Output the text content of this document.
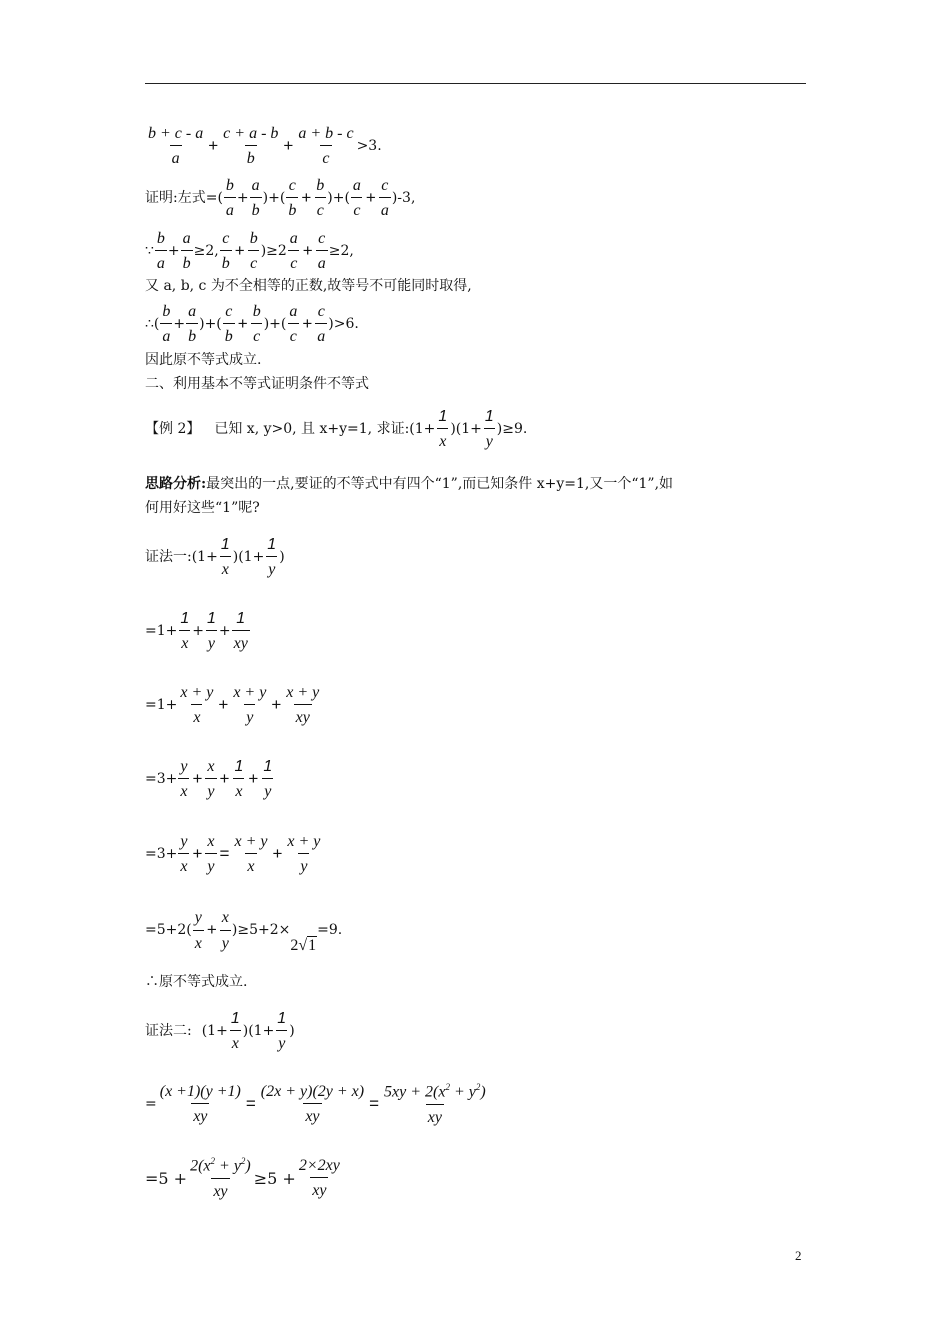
$\frac{b + c - a}{a} + \frac{c + a - b}{b} + \frac{a + b - c}{c} >3$.
证明:左式=( $\frac{b}{a} + \frac{a}{b}$ )+( $\frac{c}{b} + \frac{b}{c}$ )+( $\frac{a}{c} + \frac{c}{a} )-3$,
∵ $\frac{b}{a} + \frac{a}{b} \ge 2$, $\frac{c}{b} + \frac{b}{c} )\ge 2 \frac{a}{c} + \frac{c}{a} \ge 2$,
又 a, b, c 为不全相等的正数,故等号不可能同时取得,
∴( $\frac{b}{a} + \frac{a}{b}$ )+( $\frac{c}{b} + \frac{b}{c}$ )+( $\frac{a}{c} + \frac{c}{a} )>6$.
因此原不等式成立.
二、利用基本不等式证明条件不等式
【例 2】 已知 x, y>0, 且 x+y=1, 求证:(1+ $\frac{1}{x} )(1+ \frac{1}{y} )\ge 9$.
思路分析: 最突出的一点,要证的不等式中有四个“1”,而已知条件 x+y=1,又一个“1”,如
何用好这些“1”呢?
证法一:(1+ $\frac{1}{x} )(1+ \frac{1}{y}$ )
$=1+ \frac{1}{x} + \frac{1}{y} + \frac{1}{xy}$
$=1+ \frac{x + y}{x} + \frac{x + y}{y} + \frac{x + y}{xy}$
$=3+ \frac{y}{x} + \frac{x}{y} + \frac{1}{x} + \frac{1}{y}$
$=3+ \frac{y}{x} + \frac{x}{y} = \frac{x + y}{x} + \frac{x + y}{y}$
$=5+2( \frac{y}{x} + \frac{x}{y} )\ge 5+2\times$
2√1
=9.
∴原不等式成立.
证法二: $(1+ \frac{1}{x} )(1+ \frac{1}{y}$ )
= $\frac{(x +1)(y +1)}{xy} = \frac{(2x + y)(2y + x)}{xy} = \frac{5xy + 2(x^2 + y^2)}{xy}$
$=5 + \frac{2(x^2 + y^2)}{xy} \ge 5 + \frac{2\times 2xy}{xy}$
2
